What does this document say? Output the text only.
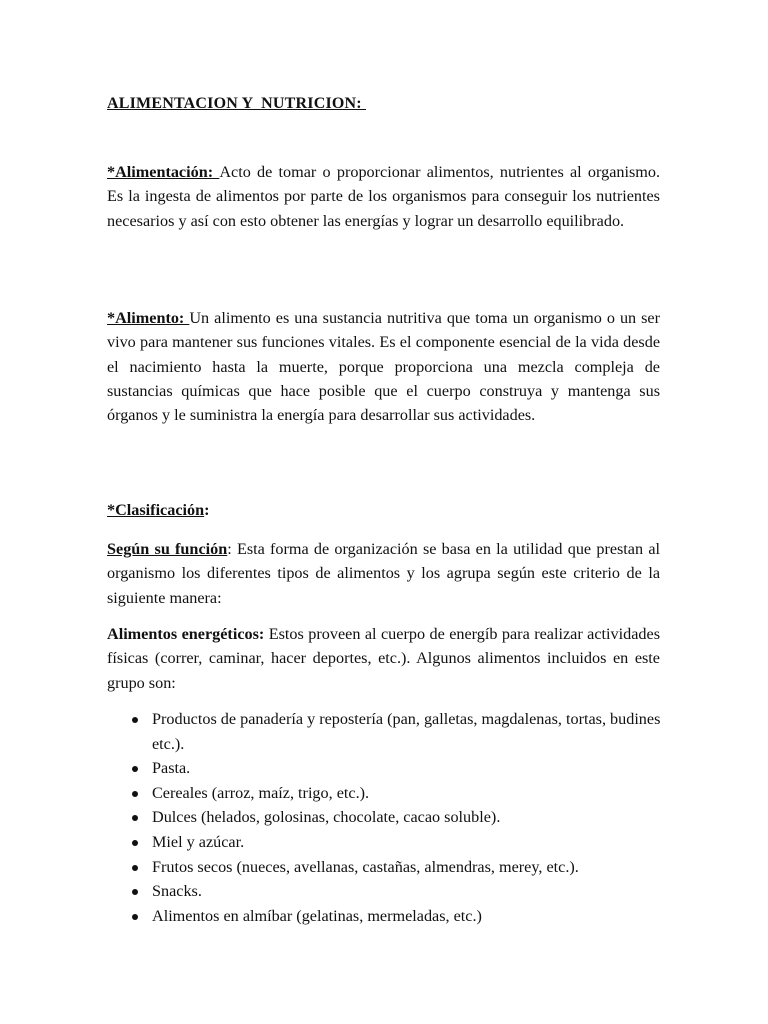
ALIMENTACION Y  NUTRICION:

*Alimentación: Acto de tomar o proporcionar alimentos, nutrientes al organismo. Es la ingesta de alimentos por parte de los organismos para conseguir los nutrientes necesarios y así con esto obtener las energías y lograr un desarrollo equilibrado.

*Alimento: Un alimento es una sustancia nutritiva que toma un organismo o un ser vivo para mantener sus funciones vitales. Es el componente esencial de la vida desde el nacimiento hasta la muerte, porque proporciona una mezcla compleja de sustancias químicas que hace posible que el cuerpo construya y mantenga sus órganos y le suministra la energía para desarrollar sus actividades.

*Clasificación:

Según su función: Esta forma de organización se basa en la utilidad que prestan al organismo los diferentes tipos de alimentos y los agrupa según este criterio de la siguiente manera:

Alimentos energéticos: Estos proveen al cuerpo de energíb para realizar actividades físicas (correr, caminar, hacer deportes, etc.). Algunos alimentos incluidos en este grupo son:

Productos de panadería y repostería (pan, galletas, magdalenas, tortas, budines etc.).
Pasta.
Cereales (arroz, maíz, trigo, etc.).
Dulces (helados, golosinas, chocolate, cacao soluble).
Miel y azúcar.
Frutos secos (nueces, avellanas, castañas, almendras, merey, etc.).
Snacks.
Alimentos en almíbar (gelatinas, mermeladas, etc.)
